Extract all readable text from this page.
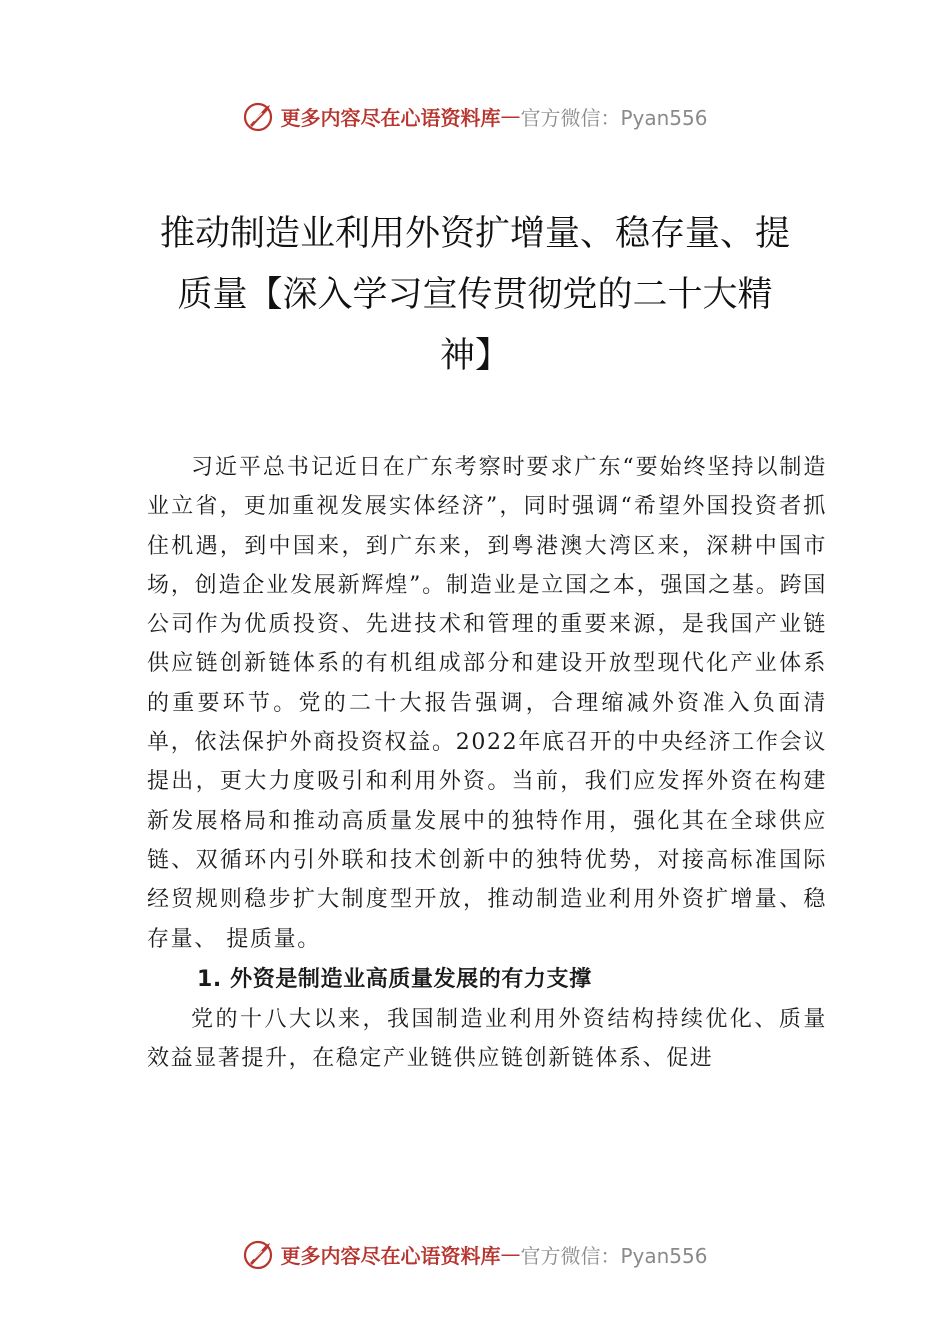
更多内容尽在心语资料库 — 官方微信：Pyan556
推动制造业利用外资扩增量、稳存量、提
质量【深入学习宣传贯彻党的二十大精
神】

习近平总书记近日在广东考察时要求广东“要始终坚持以制造业立省，更加重视发展实体经济”，同时强调“希望外国投资者抓住机遇，到中国来，到广东来，到粤港澳大湾区来，深耕中国市场，创造企业发展新辉煌”。制造业是立国之本，强国之基。跨国公司作为优质投资、先进技术和管理的重要来源，是我国产业链供应链创新链体系的有机组成部分和建设开放型现代化产业体系的重要环节。党的二十大报告强调，合理缩减外资准入负面清单，依法保护外商投资权益。2022年底召开的中央经济工作会议提出，更大力度吸引和利用外资。当前，我们应发挥外资在构建新发展格局和推动高质量发展中的独特作用，强化其在全球供应链、双循环内引外联和技术创新中的独特优势，对接高标准国际经贸规则稳步扩大制度型开放，推动制造业利用外资扩增量、稳存量、 提质量。

1. 外资是制造业高质量发展的有力支撑

党的十八大以来，我国制造业利用外资结构持续优化、质量效益显著提升，在稳定产业链供应链创新链体系、促进

更多内容尽在心语资料库 — 官方微信：Pyan556
